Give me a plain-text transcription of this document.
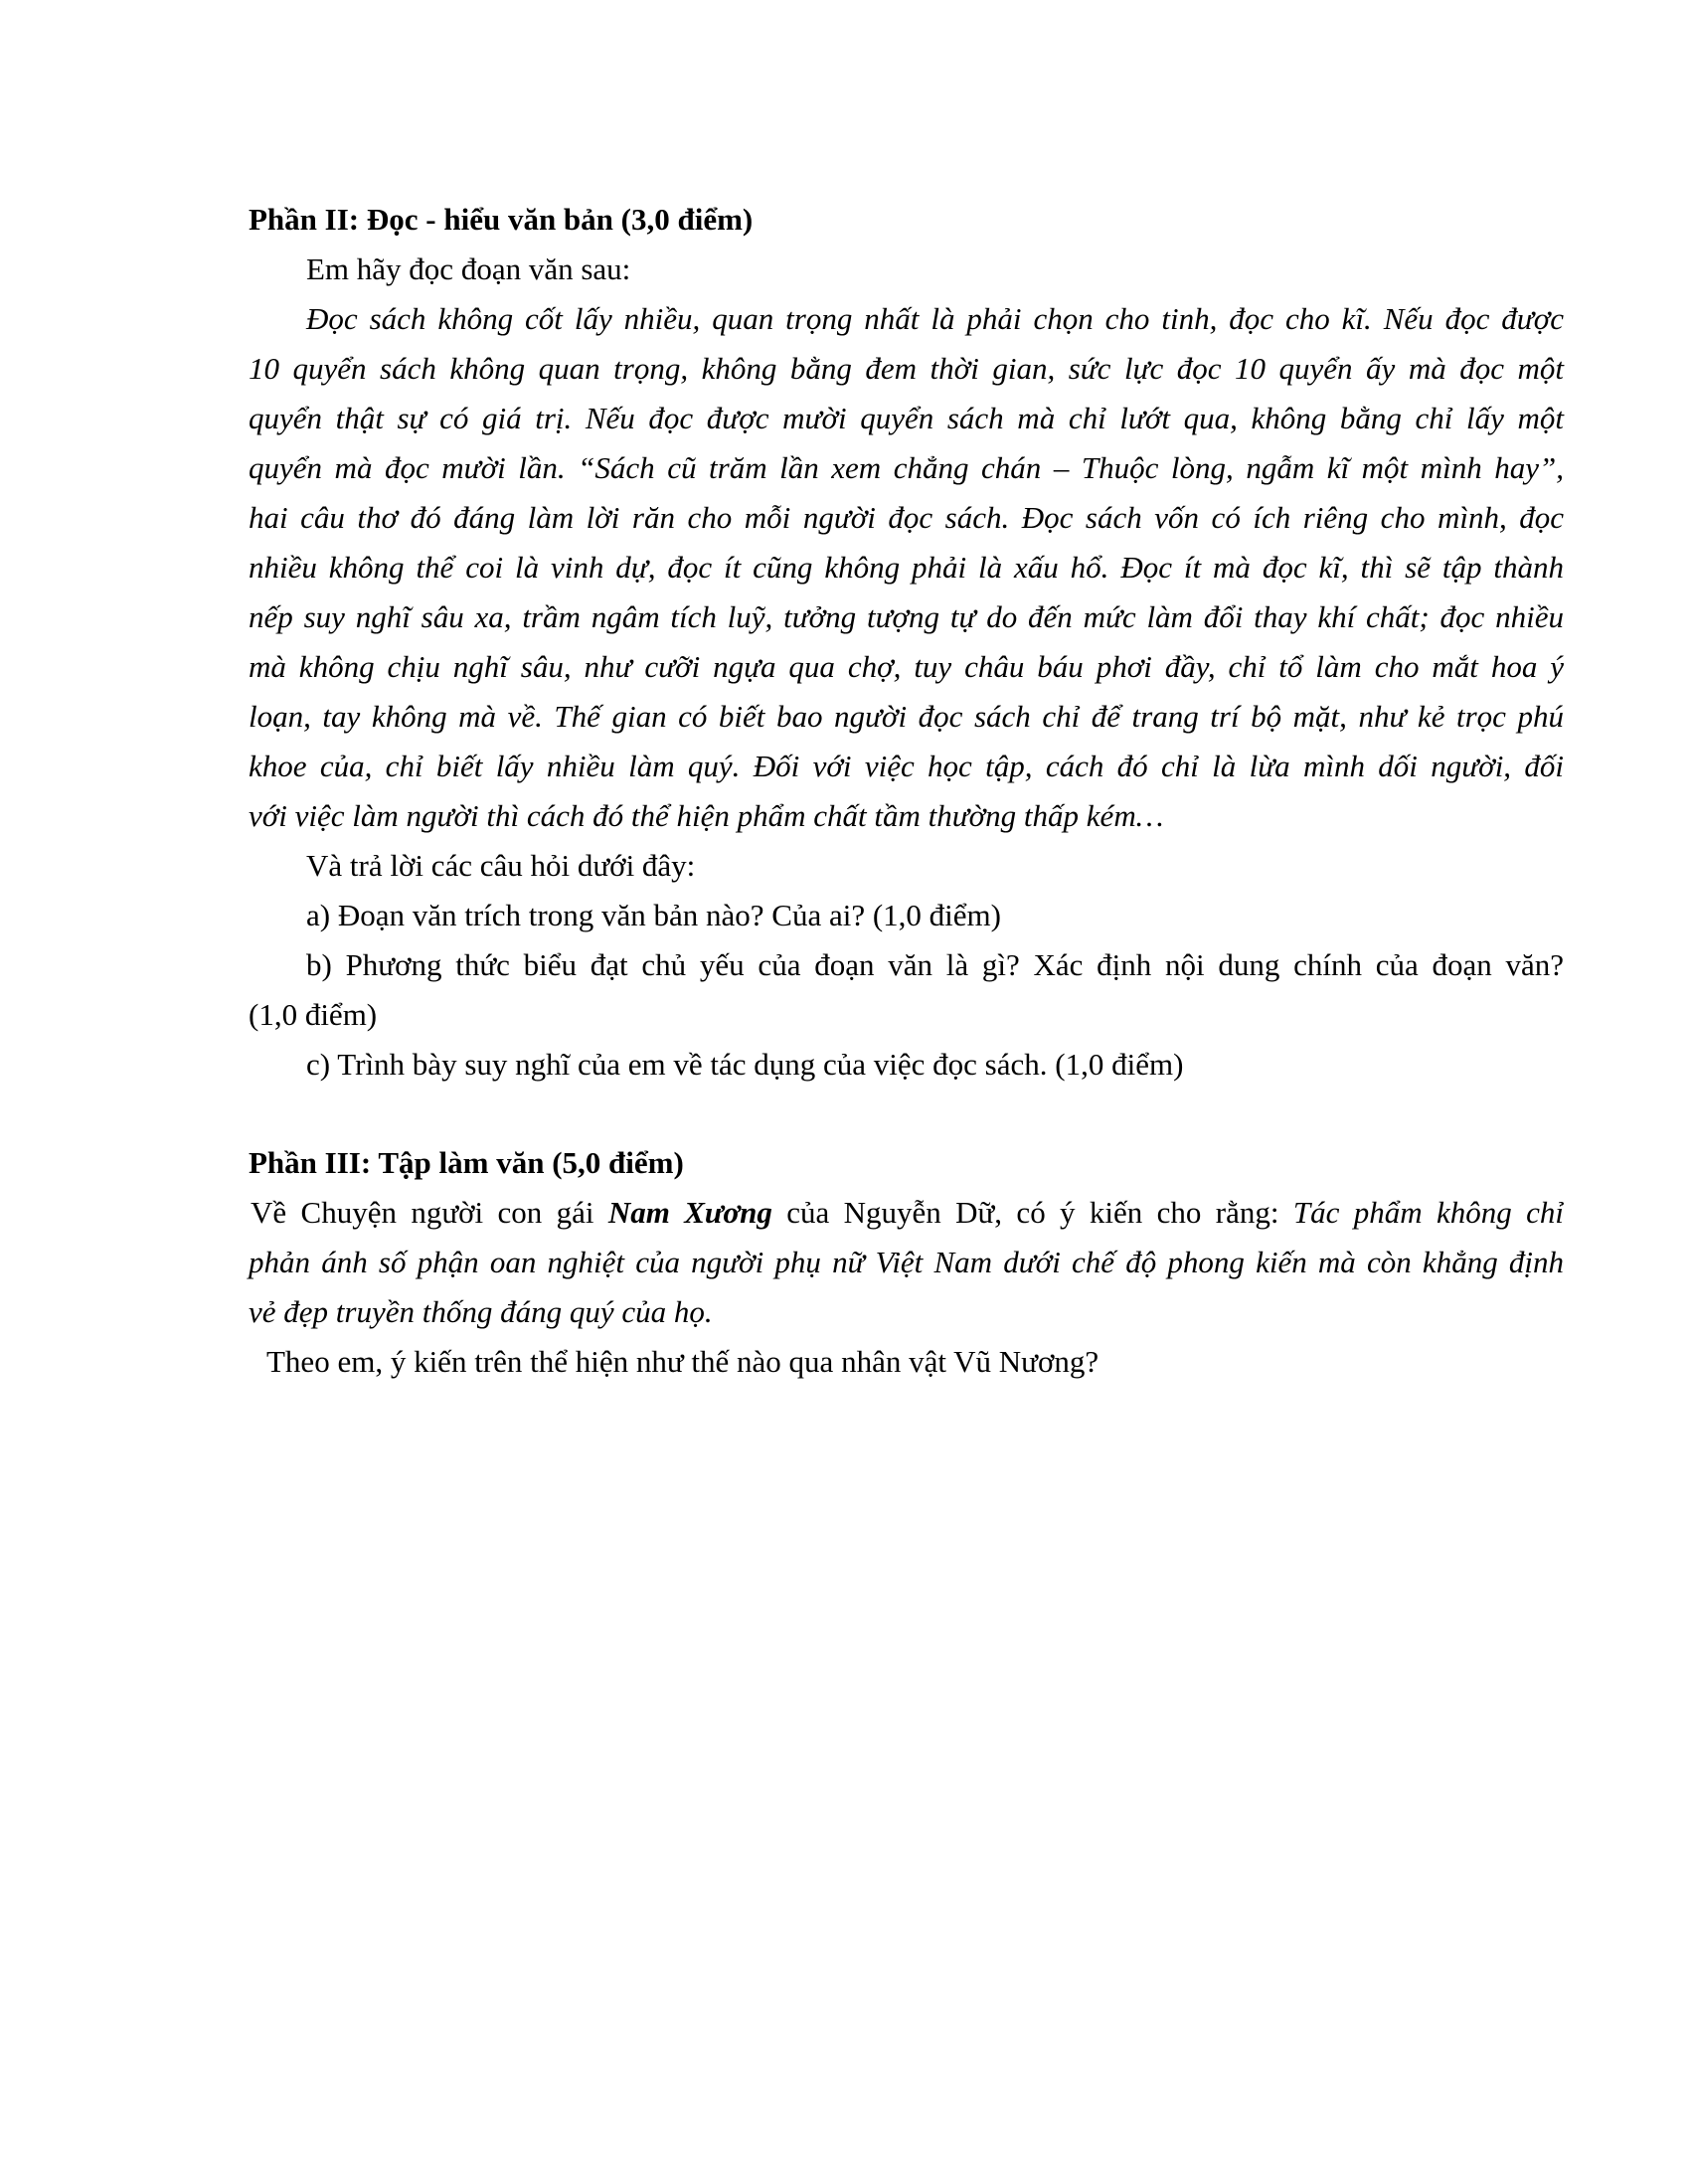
Phần II: Đọc - hiểu văn bản (3,0 điểm)

Em hãy đọc đoạn văn sau:

Đọc sách không cốt lấy nhiều, quan trọng nhất là phải chọn cho tinh, đọc cho kĩ. Nếu đọc được

10 quyển sách không quan trọng, không bằng đem thời gian, sức lực đọc 10 quyển ấy mà đọc một

quyển thật sự có giá trị. Nếu đọc được mười quyển sách mà chỉ lướt qua, không bằng chỉ lấy một

quyển mà đọc mười lần. “Sách cũ trăm lần xem chẳng chán – Thuộc lòng, ngẫm kĩ một mình hay”,

hai câu thơ đó đáng làm lời răn cho mỗi người đọc sách. Đọc sách vốn có ích riêng cho mình, đọc

nhiều không thể coi là vinh dự, đọc ít cũng không phải là xấu hổ. Đọc ít mà đọc kĩ, thì sẽ tập thành

nếp suy nghĩ sâu xa, trầm ngâm tích luỹ, tưởng tượng tự do đến mức làm đổi thay khí chất; đọc nhiều

mà không chịu nghĩ sâu, như cưỡi ngựa qua chợ, tuy châu báu phơi đầy, chỉ tổ làm cho mắt hoa ý

loạn, tay không mà về. Thế gian có biết bao người đọc sách chỉ để trang trí bộ mặt, như kẻ trọc phú

khoe của, chỉ biết lấy nhiều làm quý. Đối với việc học tập, cách đó chỉ là lừa mình dối người, đối

với việc làm người thì cách đó thể hiện phẩm chất tầm thường thấp kém…

Và trả lời các câu hỏi dưới đây:

a) Đoạn văn trích trong văn bản nào? Của ai? (1,0 điểm)

b) Phương thức biểu đạt chủ yếu của đoạn văn là gì? Xác định nội dung chính của đoạn văn?

(1,0 điểm)

c) Trình bày suy nghĩ của em về tác dụng của việc đọc sách. (1,0 điểm)

Phần III: Tập làm văn (5,0 điểm)

Về Chuyện người con gái Nam Xương của Nguyễn Dữ, có ý kiến cho rằng: Tác phẩm không chỉ

phản ánh số phận oan nghiệt của người phụ nữ Việt Nam dưới chế độ phong kiến mà còn khẳng định

vẻ đẹp truyền thống đáng quý của họ.

Theo em, ý kiến trên thể hiện như thế nào qua nhân vật Vũ Nương?
